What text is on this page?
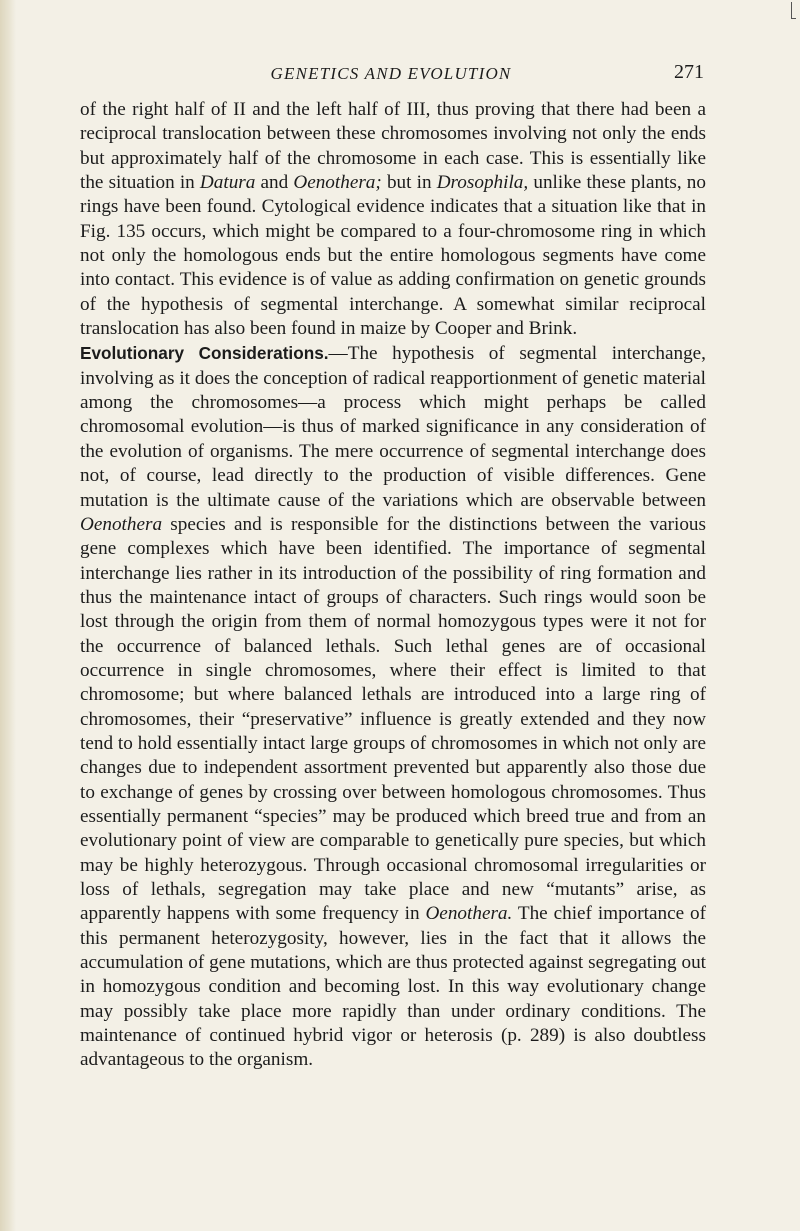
GENETICS AND EVOLUTION	271

of the right half of II and the left half of III, thus proving that there had been a reciprocal translocation between these chromosomes involving not only the ends but approximately half of the chromosome in each case. This is essentially like the situation in Datura and Oenothera; but in Drosophila, unlike these plants, no rings have been found. Cytological evidence indicates that a situation like that in Fig. 135 occurs, which might be compared to a four-chromosome ring in which not only the homologous ends but the entire homologous segments have come into contact. This evidence is of value as adding confirmation on genetic grounds of the hypothesis of segmental interchange. A somewhat similar reciprocal translocation has also been found in maize by Cooper and Brink.

Evolutionary Considerations.—The hypothesis of segmental interchange, involving as it does the conception of radical reapportionment of genetic material among the chromosomes—a process which might perhaps be called chromosomal evolution—is thus of marked significance in any consideration of the evolution of organisms. The mere occurrence of segmental interchange does not, of course, lead directly to the production of visible differences. Gene mutation is the ultimate cause of the variations which are observable between Oenothera species and is responsible for the distinctions between the various gene complexes which have been identified. The importance of segmental interchange lies rather in its introduction of the possibility of ring formation and thus the maintenance intact of groups of characters. Such rings would soon be lost through the origin from them of normal homozygous types were it not for the occurrence of balanced lethals. Such lethal genes are of occasional occurrence in single chromosomes, where their effect is limited to that chromosome; but where balanced lethals are introduced into a large ring of chromosomes, their “preservative” influence is greatly extended and they now tend to hold essentially intact large groups of chromosomes in which not only are changes due to independent assortment prevented but apparently also those due to exchange of genes by crossing over between homologous chromosomes. Thus essentially permanent “species” may be produced which breed true and from an evolutionary point of view are comparable to genetically pure species, but which may be highly heterozygous. Through occasional chromosomal irregularities or loss of lethals, segregation may take place and new “mutants” arise, as apparently happens with some frequency in Oenothera. The chief importance of this permanent heterozygosity, however, lies in the fact that it allows the accumulation of gene mutations, which are thus protected against segregating out in homozygous condition and becoming lost. In this way evolutionary change may possibly take place more rapidly than under ordinary conditions. The maintenance of continued hybrid vigor or heterosis (p. 289) is also doubtless advantageous to the organism.
